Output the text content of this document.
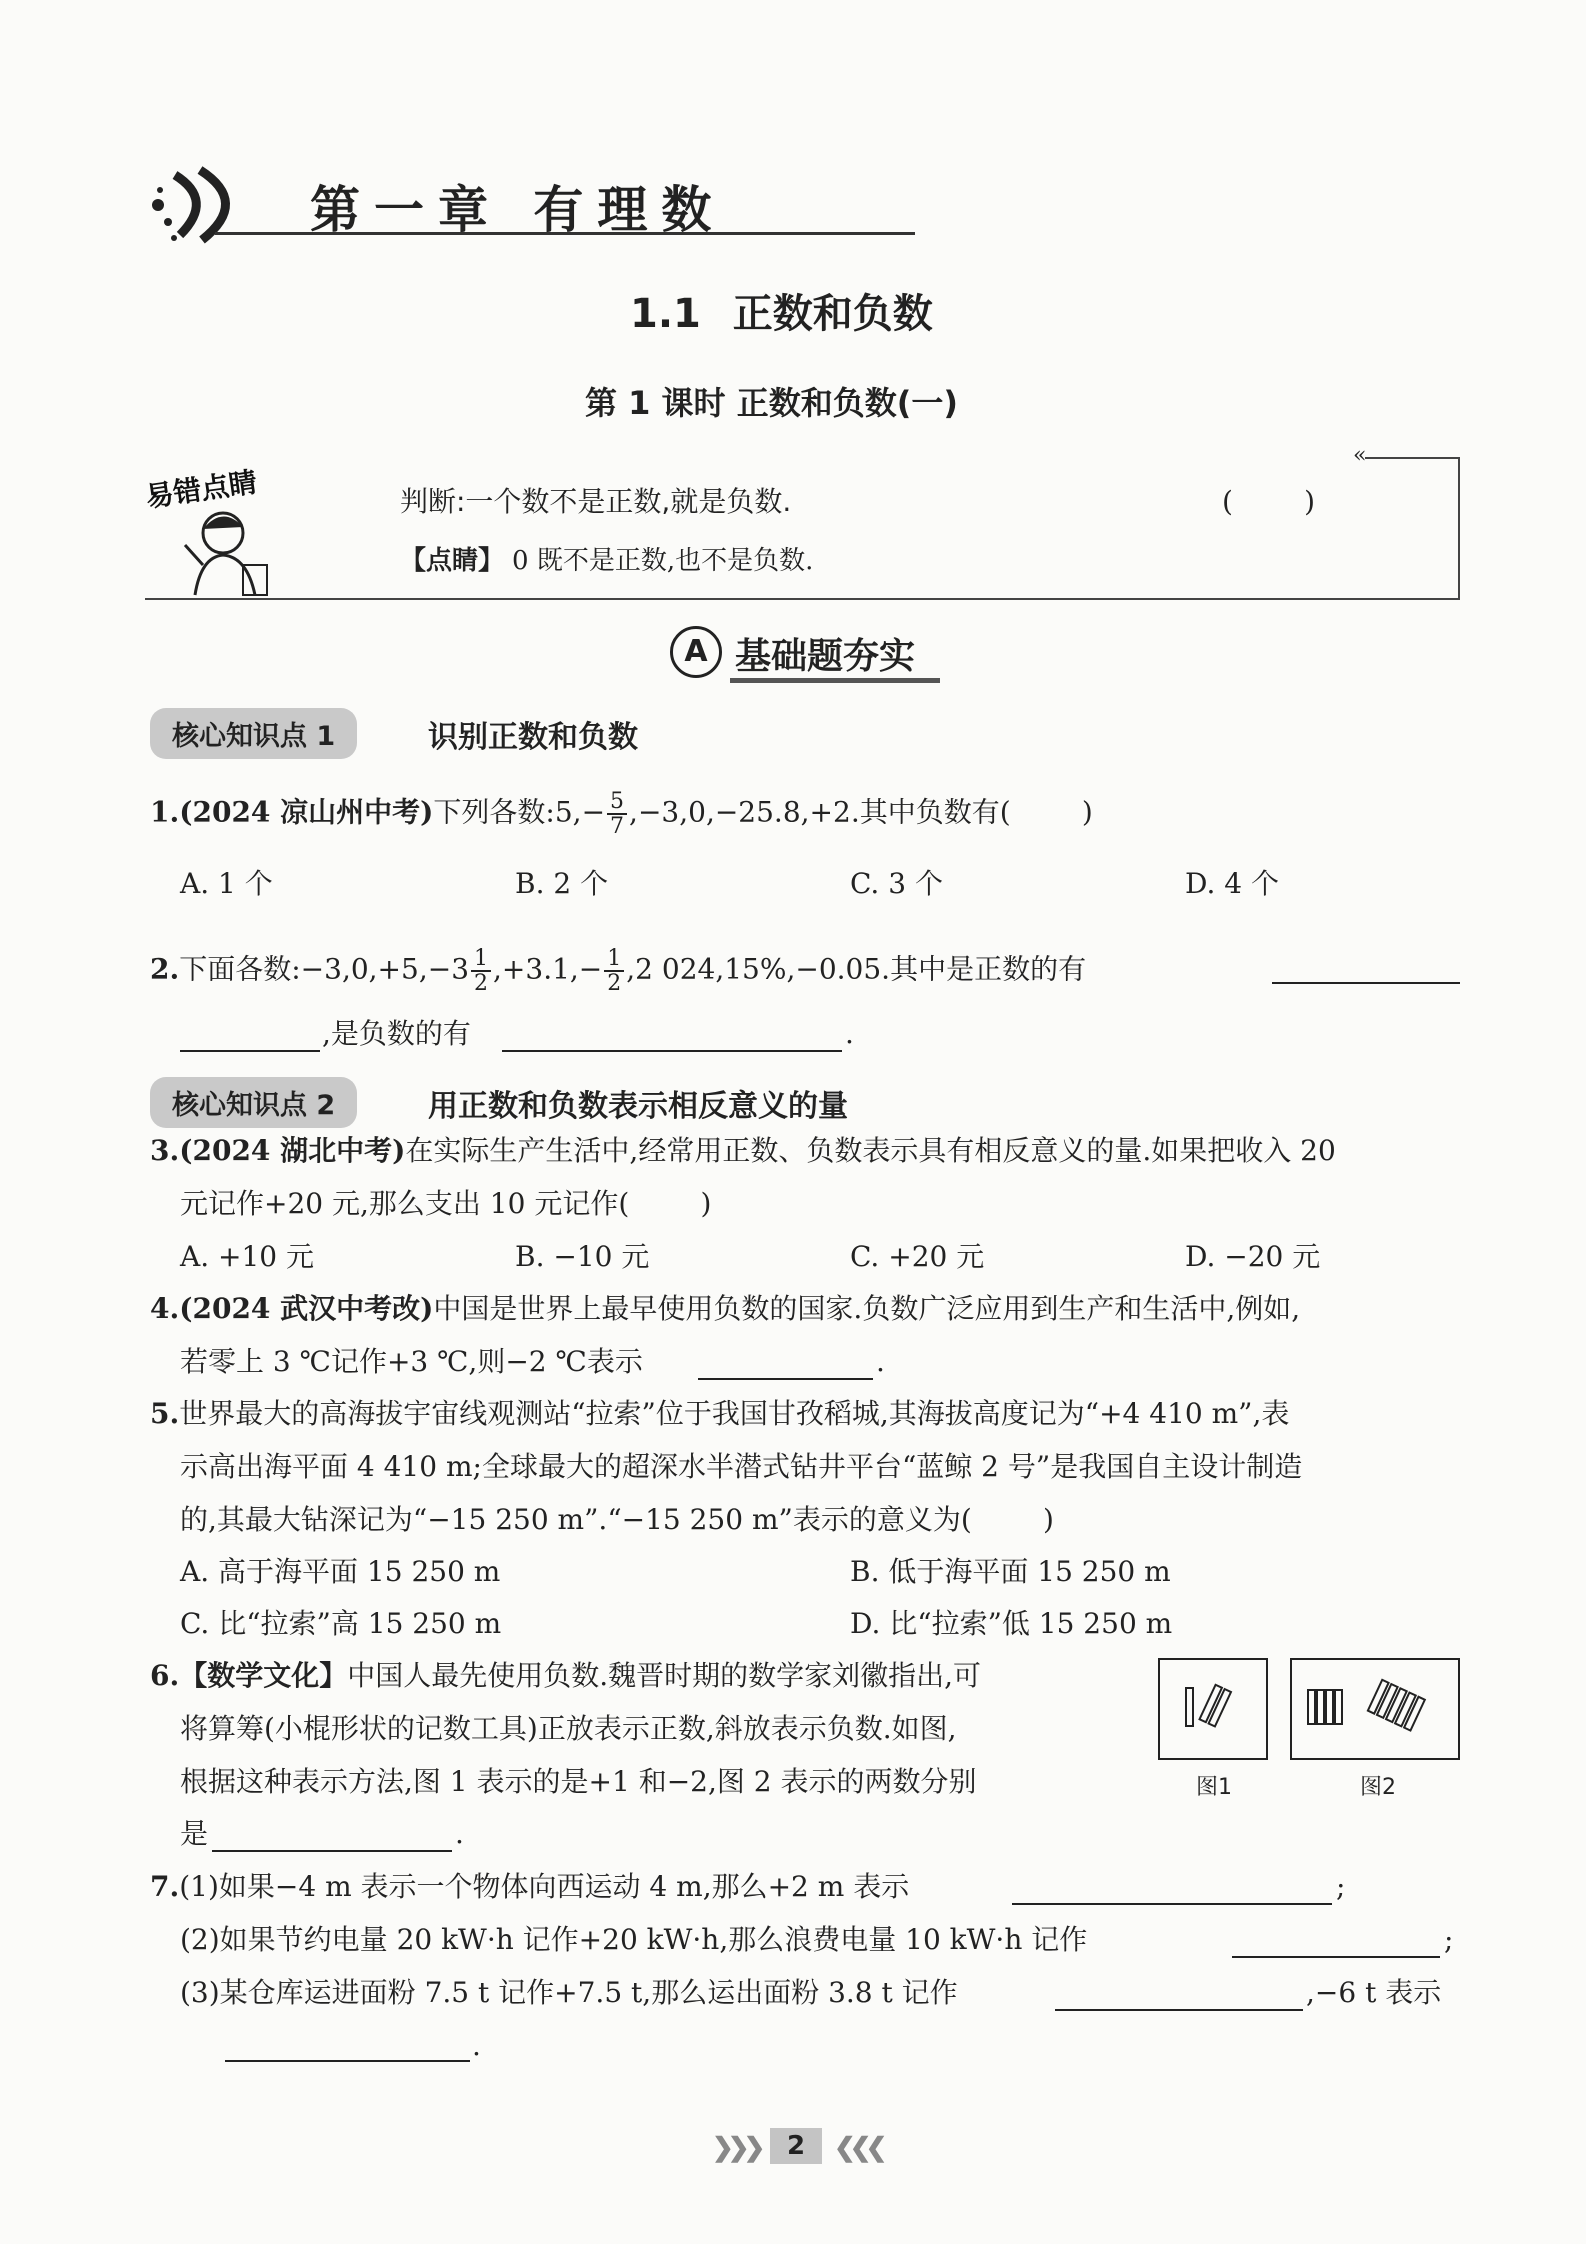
第一章 有理数
1.1 正数和负数
第 1 课时 正数和负数(一)
«
易错点睛	判断:一个数不是正数,就是负数.	(        )
【点睛】 0 既不是正数,也不是负数.
A 基础题夯实
核心知识点 1	识别正数和负数
1.(2024 凉山州中考)下列各数:5,− $\frac{5}{7} ,-3,0,-25.8,+2$.其中负数有(        )
A. 1 个	B. 2 个	C. 3 个	D. 4 个
2.下面各数:−3,0,+5,−3 $\frac{1}{2} ,+3.1,- \frac{1}{2} ,2$ 024,15%,−0.05.其中是正数的有
,是负数的有	.
核心知识点 2	用正数和负数表示相反意义的量
3.(2024 湖北中考)在实际生产生活中,经常用正数、负数表示具有相反意义的量.如果把收入 20
元记作+20 元,那么支出 10 元记作(        )
A. +10 元	B. −10 元	C. +20 元	D. −20 元
4.(2024 武汉中考改)中国是世界上最早使用负数的国家.负数广泛应用到生产和生活中,例如,
若零上 3 ℃记作+3 ℃,则−2 ℃表示	.
5.世界最大的高海拔宇宙线观测站“拉索”位于我国甘孜稻城,其海拔高度记为“+4 410 m”,表
示高出海平面 4 410 m;全球最大的超深水半潜式钻井平台“蓝鲸 2 号”是我国自主设计制造
的,其最大钻深记为“−15 250 m”.“−15 250 m”表示的意义为(        )
A. 高于海平面 15 250 m	B. 低于海平面 15 250 m
C. 比“拉索”高 15 250 m	D. 比“拉索”低 15 250 m
6.【数学文化】中国人最先使用负数.魏晋时期的数学家刘徽指出,可
将算筹(小棍形状的记数工具)正放表示正数,斜放表示负数.如图,
根据这种表示方法,图 1 表示的是+1 和−2,图 2 表示的两数分别
是	.
图1	图2
7.(1)如果−4 m 表示一个物体向西运动 4 m,那么+2 m 表示	;
(2)如果节约电量 20 kW·h 记作+20 kW·h,那么浪费电量 10 kW·h 记作	;
(3)某仓库运进面粉 7.5 t 记作+7.5 t,那么运出面粉 3.8 t 记作	,−6 t 表示
.
❯❯❯	2	❮❮❮
